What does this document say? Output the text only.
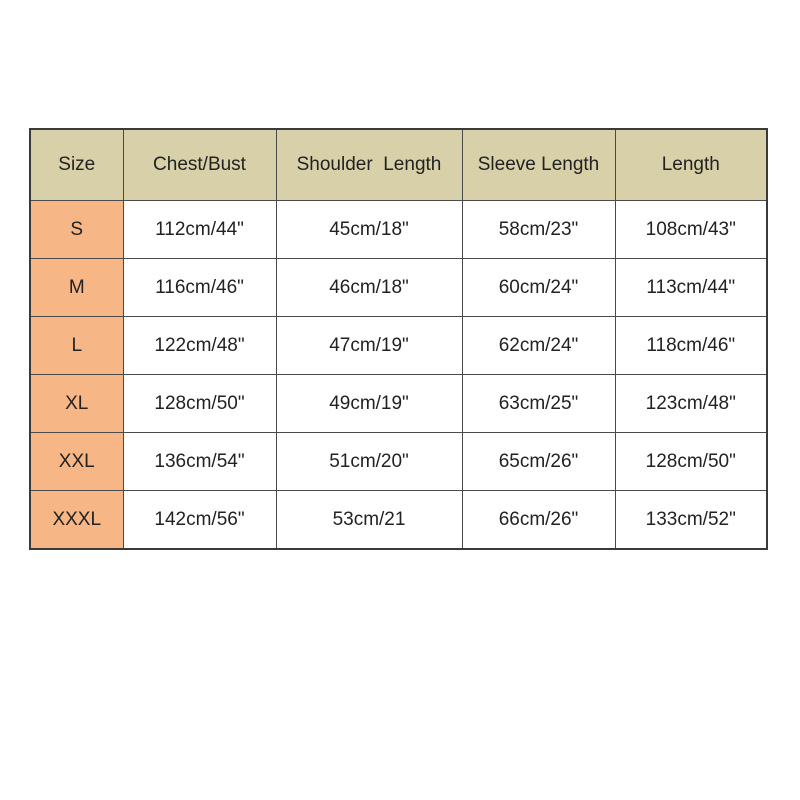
Size	Chest/Bust	Shoulder  Length	Sleeve Length	Length
S	112cm/44"	45cm/18"	58cm/23"	108cm/43"
M	116cm/46"	46cm/18"	60cm/24"	113cm/44"
L	122cm/48"	47cm/19"	62cm/24"	118cm/46"
XL	128cm/50"	49cm/19"	63cm/25"	123cm/48"
XXL	136cm/54"	51cm/20"	65cm/26"	128cm/50"
XXXL	142cm/56"	53cm/21	66cm/26"	133cm/52"
